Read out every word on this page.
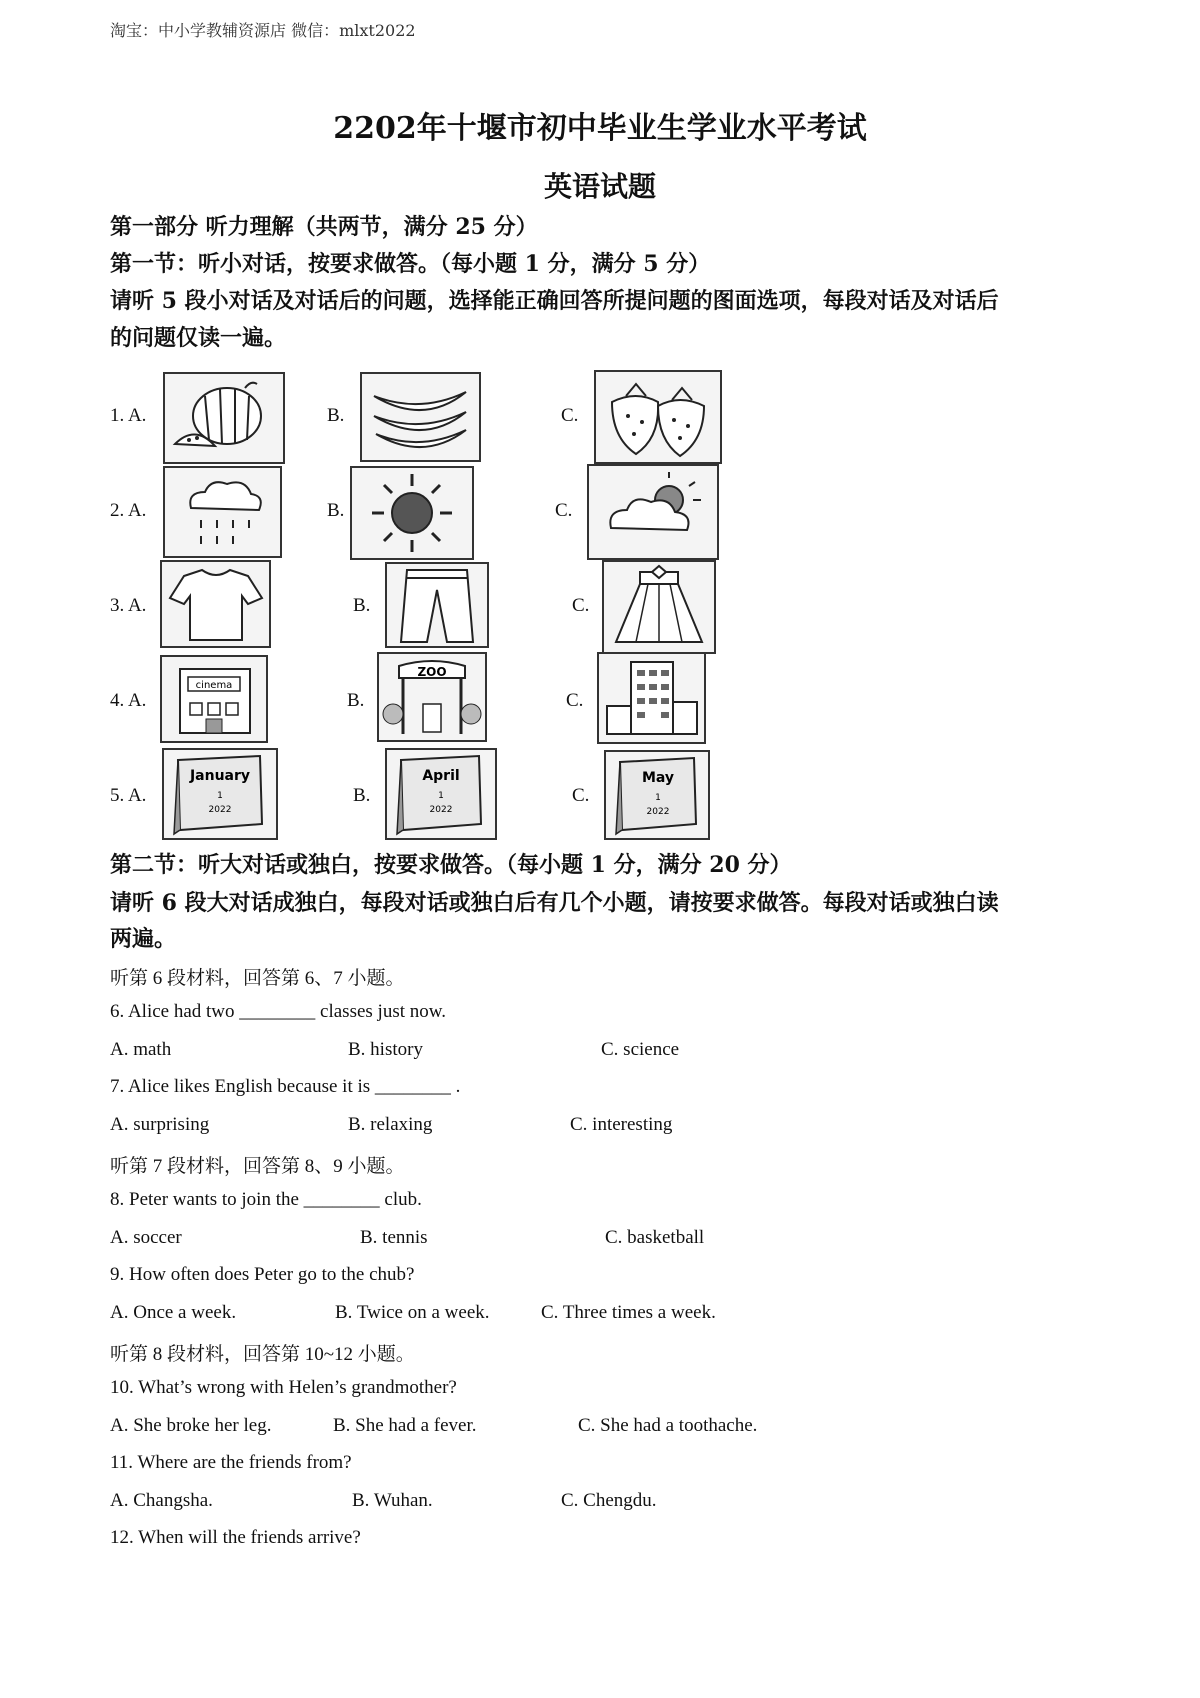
淘宝：中小学教辅资源店 微信：mlxt2022
2202年十堰市初中毕业生学业水平考试
英语试题
第一部分 听力理解（共两节，满分 25 分）
第一节：听小对话，按要求做答。（每小题 1 分，满分 5 分）
请听 5 段小对话及对话后的问题，选择能正确回答所提问题的图面选项，每段对话及对话后
的问题仅读一遍。
1. A.	B.	C.
2. A.	B.	C.
3. A.	B.	C.
4. A.
cinema
B.
ZOO
C.
5. A.
January
1
2022
B.
April
1
2022
C.
May
1
2022
第二节：听大对话或独白，按要求做答。（每小题 1 分，满分 20 分）
请听 6 段大对话成独白，每段对话或独白后有几个小题，请按要求做答。每段对话或独白读
两遍。
听第 6 段材料，回答第 6、7 小题。
6. Alice had two ________ classes just now.
A. math	B. history	C. science
7. Alice likes English because it is ________ .
A. surprising	B. relaxing	C. interesting
听第 7 段材料，回答第 8、9 小题。
8. Peter wants to join the ________ club.
A. soccer	B. tennis	C. basketball
9. How often does Peter go to the chub?
A. Once a week.	B. Twice on a week.	C. Three times a week.
听第 8 段材料，回答第 10~12 小题。
10. What’s wrong with Helen’s grandmother?
A. She broke her leg.	B. She had a fever.	C. She had a toothache.
11. Where are the friends from?
A. Changsha.	B. Wuhan.	C. Chengdu.
12. When will the friends arrive?
